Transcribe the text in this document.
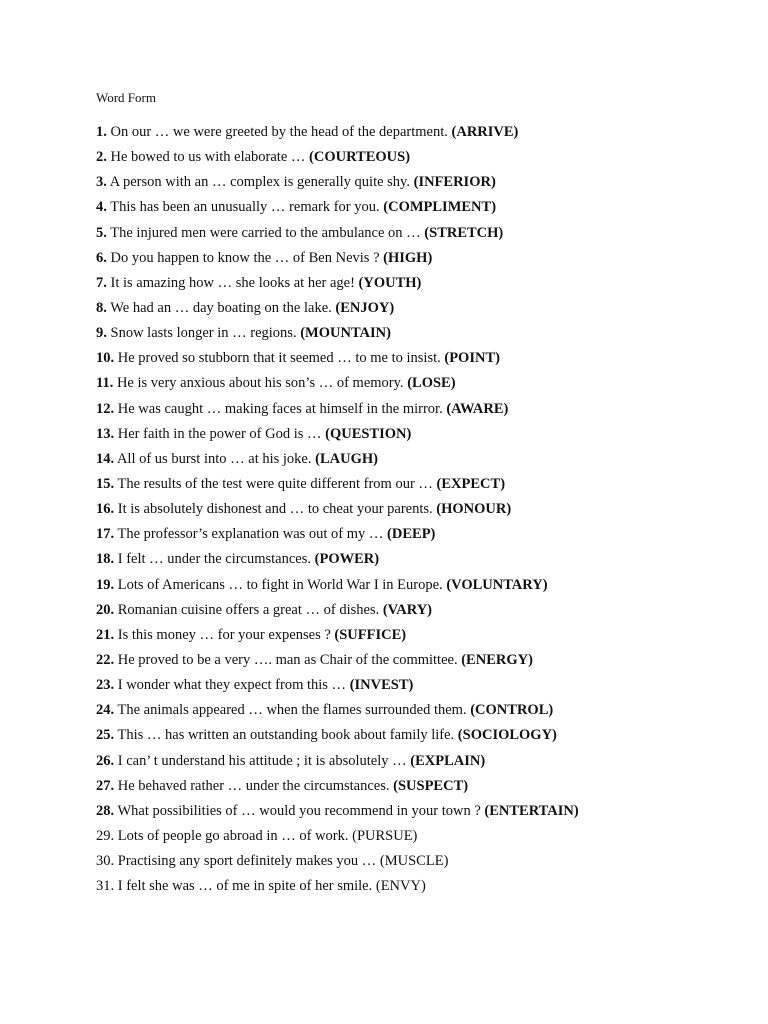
Word Form
1. On our … we were greeted by the head of the department. (ARRIVE)
2. He bowed to us with elaborate … (COURTEOUS)
3. A person with an … complex is generally quite shy. (INFERIOR)
4. This has been an unusually … remark for you. (COMPLIMENT)
5. The injured men were carried to the ambulance on … (STRETCH)
6. Do you happen to know the … of Ben Nevis ? (HIGH)
7. It is amazing how … she looks at her age! (YOUTH)
8. We had an … day boating on the lake. (ENJOY)
9. Snow lasts longer in … regions. (MOUNTAIN)
10. He proved so stubborn that it seemed … to me to insist. (POINT)
11. He is very anxious about his son’s … of memory. (LOSE)
12. He was caught … making faces at himself in the mirror. (AWARE)
13. Her faith in the power of God is … (QUESTION)
14. All of us burst into … at his joke. (LAUGH)
15. The results of the test were quite different from our … (EXPECT)
16. It is absolutely dishonest and … to cheat your parents. (HONOUR)
17. The professor’s explanation was out of my … (DEEP)
18. I felt … under the circumstances. (POWER)
19. Lots of Americans … to fight in World War I in Europe. (VOLUNTARY)
20. Romanian cuisine offers a great … of dishes. (VARY)
21. Is this money … for your expenses ? (SUFFICE)
22. He proved to be a very …. man as Chair of the committee. (ENERGY)
23. I wonder what they expect from this … (INVEST)
24. The animals appeared … when the flames surrounded them. (CONTROL)
25. This … has written an outstanding book about family life. (SOCIOLOGY)
26. I can’ t understand his attitude ; it is absolutely … (EXPLAIN)
27. He behaved rather … under the circumstances. (SUSPECT)
28. What possibilities of … would you recommend in your town ? (ENTERTAIN)
29. Lots of people go abroad in … of work. (PURSUE)
30. Practising any sport definitely makes you … (MUSCLE)
31. I felt she was … of me in spite of her smile. (ENVY)
